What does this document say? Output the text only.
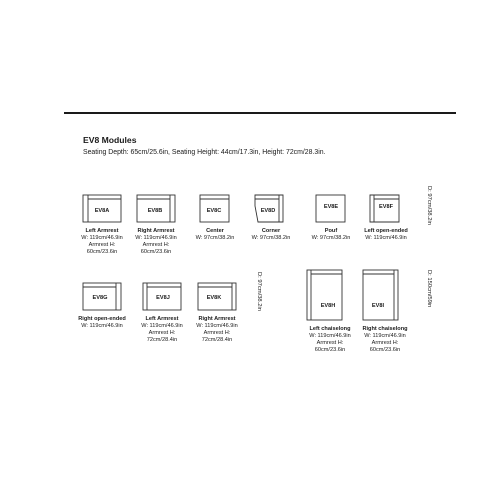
EV8 Modules
Seating Depth: 65cm/25.6in, Seating Height: 44cm/17.3in, Height: 72cm/28.3in.
EV8A	EV8B	EV8C	EV8D
EV8E	EV8F
EV8G	EV8J	EV8K
EV8H	EV8I
Left Armrest
W: 119cm/46.9in
Armrest H:
60cm/23.6in
Right Armrest
W: 119cm/46.9in
Armrest H:
60cm/23.6in
Center
W: 97cm/38.2in
Corner
W: 97cm/38.2in
Pouf
W: 97cm/38.2in
Left open-ended
W: 119cm/46.9in
Right open-ended
W: 119cm/46.9in
Left Armrest
W: 119cm/46.9in
Armrest H:
72cm/28.4in
Right Armrest
W: 119cm/46.9in
Armrest H:
72cm/28.4in
Left chaiselong
W: 119cm/46.9in
Armrest H:
60cm/23.6in
Right chaiselong
W: 119cm/46.9in
Armrest H:
60cm/23.6in
D: 97cm/38.2in
D: 97cm/38.2in	D: 150cm/59in
